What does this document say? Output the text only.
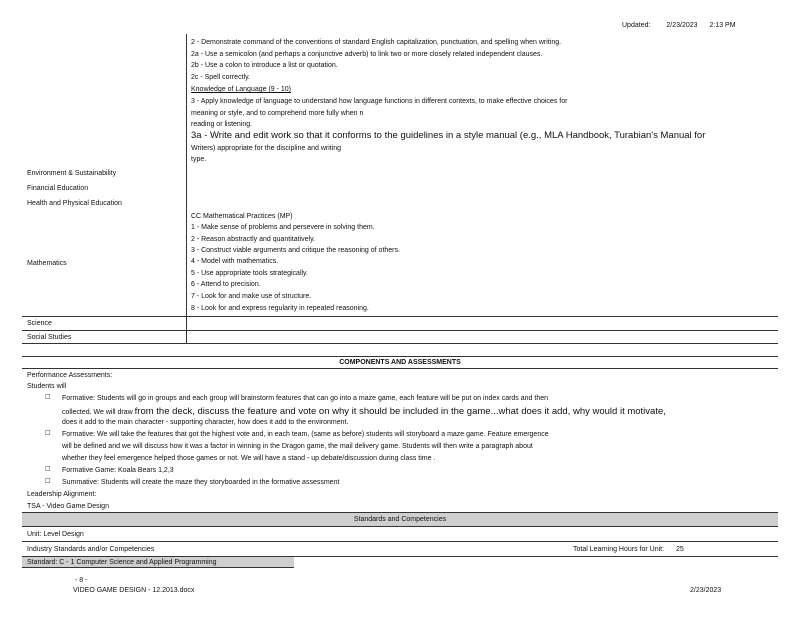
Updated: 2/23/2023 2:13 PM
2 - Demonstrate command of the conventions of standard English capitalization, punctuation, and spelling when writing.
2a - Use a semicolon (and perhaps a conjunctive adverb) to link two or more closely related independent clauses.
2b - Use a colon to introduce a list or quotation.
2c - Spell correctly.
Knowledge of Language (9 - 10)
3 - Apply knowledge of language to understand how language functions in different contexts, to make effective choices for
meaning or style, and to comprehend more fully when n
reading or listening.
3a - Write and edit work so that it conforms to the guidelines in a style manual (e.g., MLA Handbook, Turabian's Manual for
Writers) appropriate for the discipline and writing
type.
Environment & Sustainability
Financial Education
Health and Physical Education
Mathematics
Science
Social Studies
CC Mathematical Practices (MP)
1 - Make sense of problems and persevere in solving them.
2 - Reason abstractly and quantitatively.
3 - Construct viable arguments and critique the reasoning of others.
4 - Model with mathematics.
5 - Use appropriate tools strategically.
6 - Attend to precision.
7 - Look for and make use of structure.
8 - Look for and express regularity in repeated reasoning.
COMPONENTS AND ASSESSMENTS
Performance Assessments:
Students will
□ Formative: Students will go in groups and each group will brainstorm features that can go into a maze game, each feature will be put on index cards and then
collected. We will draw from the deck, discuss the feature and vote on why it should be included in the game...what does it add, why would it motivate,
does it add to the main character - supporting character, how does it add to the environment.
□ Formative: We will take the features that got the highest vote and, in each team, (same as before) students will storyboard a maze game. Feature emergence
will be defined and we will discuss how it was a factor in winning in the Dragon game, the mail delivery game. Students will then write a paragraph about
whether they feel emergence helped those games or not. We will have a stand - up debate/discussion during class time .
□ Formative Game: Koala Bears 1,2,3
□ Summative: Students will create the maze they storyboarded in the formative assessment
Leadership Alignment:
TSA - Video Game Design
Standards and Competencies
Unit: Level Design
Industry Standards and/or Competencies	Total Learning Hours for Unit: 25
Standard: C - 1 Computer Science and Applied Programming
- 8 -
VIDEO GAME DESIGN - 12.2013.docx	2/23/2023
